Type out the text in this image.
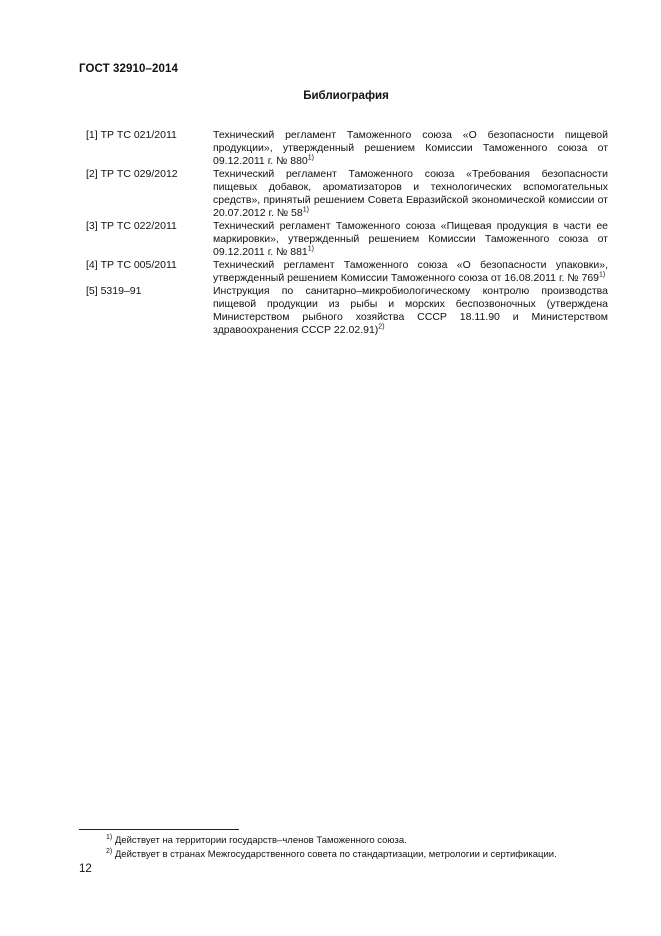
ГОСТ 32910–2014
Библиография
[1] ТР ТС 021/2011	Технический регламент Таможенного союза «О безопасности пищевой продукции», утвержденный решением Комиссии Таможенного союза от 09.12.2011 г. № 880$^{1)}$
[2] ТР ТС 029/2012	Технический регламент Таможенного союза «Требования безопасности пищевых добавок, ароматизаторов и технологических вспомогательных средств», принятый решением Совета Евразийской экономической комиссии от 20.07.2012 г. № 58$^{1)}$
[3] ТР ТС 022/2011	Технический регламент Таможенного союза «Пищевая продукция в части ее маркировки», утвержденный решением Комиссии Таможенного союза от 09.12.2011 г. № 881$^{1)}$
[4] ТР ТС 005/2011	Технический регламент Таможенного союза «О безопасности упаковки», утвержденный решением Комиссии Таможенного союза от 16.08.2011 г. № 769$^{1)}$
[5] 5319–91	Инструкция по санитарно–микробиологическому контролю производства пищевой продукции из рыбы и морских беспозвоночных (утверждена Министерством рыбного хозяйства СССР 18.11.90 и Министерством здравоохранения СССР 22.02.91)$^{2)}$
$^{1)}$ Действует на территории государств–членов Таможенного союза.
$^{2)}$ Действует в странах Межгосударственного совета по стандартизации, метрологии и сертификации.
12
